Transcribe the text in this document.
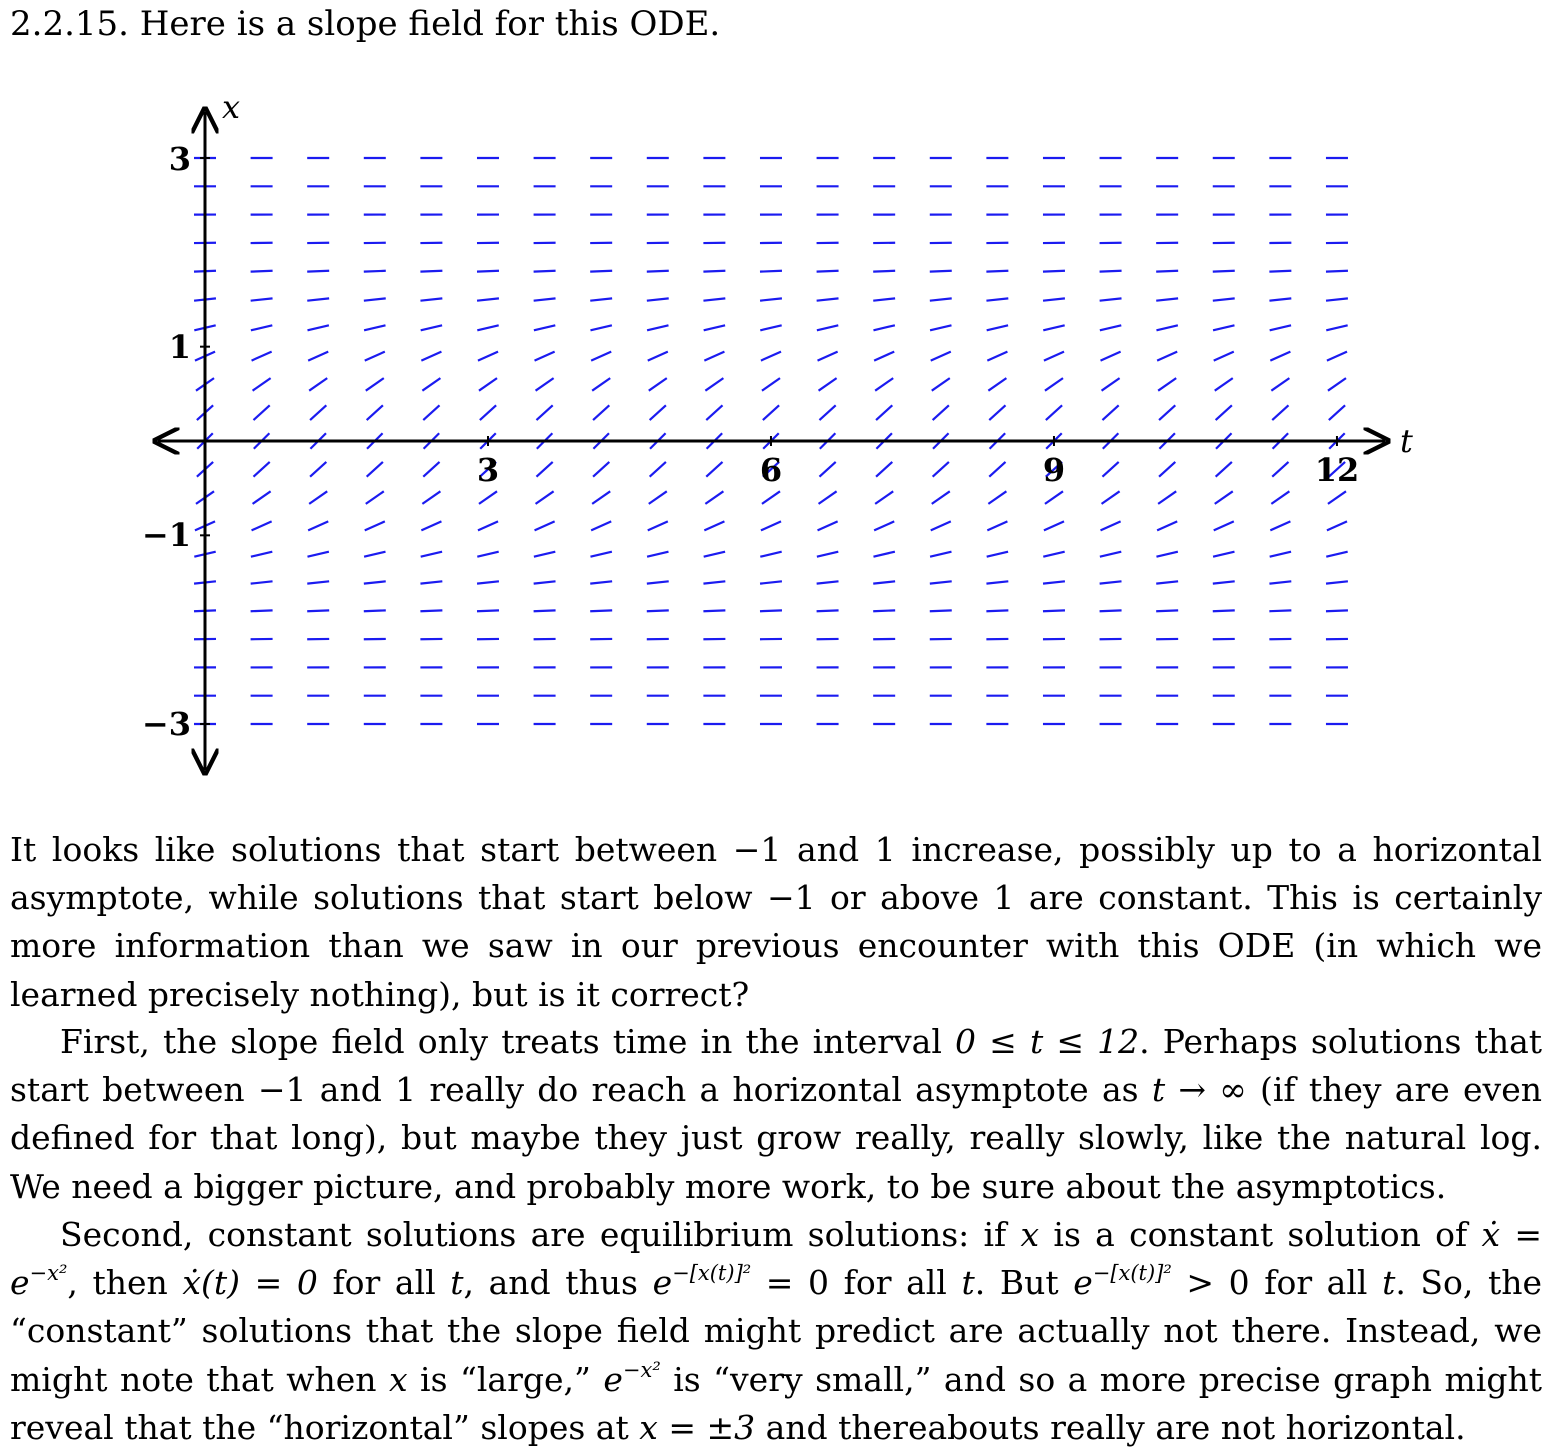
2.2.15. Here is a slope field for this ODE.
x
t
3
1
−1
−3
3	6	9	12

It looks like solutions that start between −1 and 1 increase, possibly up to a horizontal asymptote, while solutions that start below −1 or above 1 are constant. This is certainly more information than we saw in our previous encounter with this ODE (in which we learned precisely nothing), but is it correct?

First, the slope field only treats time in the interval 0 ≤ t ≤ 12. Perhaps solutions that start between −1 and 1 really do reach a horizontal asymptote as t → ∞ (if they are even defined for that long), but maybe they just grow really, really slowly, like the natural log. We need a bigger picture, and probably more work, to be sure about the asymptotics.

Second, constant solutions are equilibrium solutions: if x is a constant solution of ẋ = $e^{-x^2}$, then ẋ(t) = 0 for all t, and thus $e^{-[x(t)]^2} = 0$ for all t. But $e^{-[x(t)]^2} > 0$ for all t. So, the “constant” solutions that the slope field might predict are actually not there. Instead, we might note that when x is “large,” $e^{-x^2}$ is “very small,” and so a more precise graph might reveal that the “horizontal” slopes at x = ±3 and thereabouts really are not horizontal.
